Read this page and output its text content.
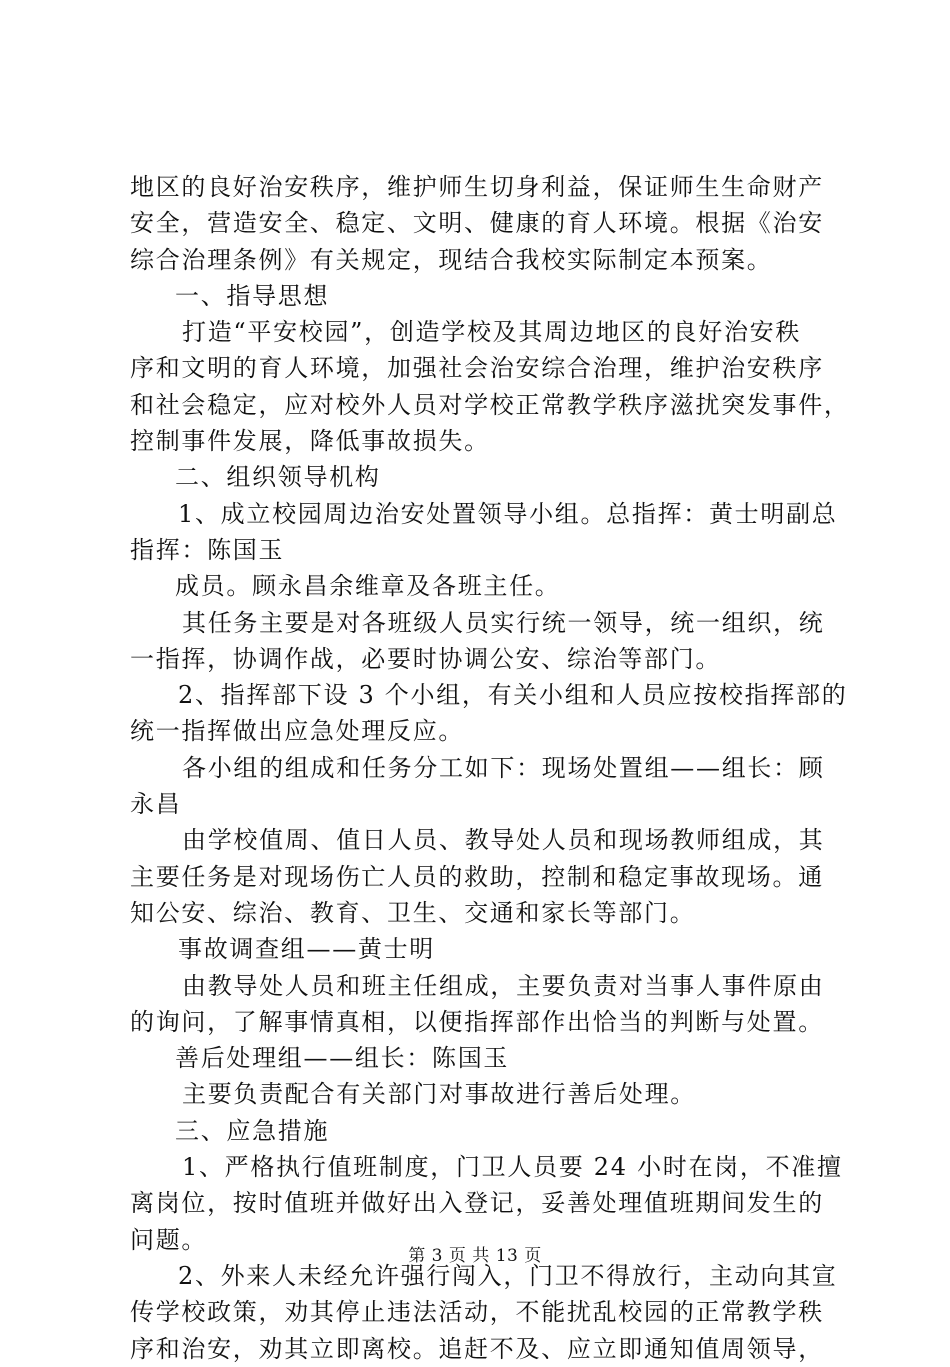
地区的良好治安秩序，维护师生切身利益，保证师生生命财产
安全，营造安全、稳定、文明、健康的育人环境。根据《治安
综合治理条例》有关规定，现结合我校实际制定本预案。
一、指导思想
打造“平安校园”，创造学校及其周边地区的良好治安秩
序和文明的育人环境，加强社会治安综合治理，维护治安秩序
和社会稳定，应对校外人员对学校正常教学秩序滋扰突发事件，
控制事件发展，降低事故损失。
二、组织领导机构
1、成立校园周边治安处置领导小组。总指挥：黄士明副总
指挥：陈国玉
成员。顾永昌余维章及各班主任。
其任务主要是对各班级人员实行统一领导，统一组织，统
一指挥，协调作战，必要时协调公安、综治等部门。
2、指挥部下设 3 个小组，有关小组和人员应按校指挥部的
统一指挥做出应急处理反应。
各小组的组成和任务分工如下：现场处置组——组长：顾
永昌
由学校值周、值日人员、教导处人员和现场教师组成，其
主要任务是对现场伤亡人员的救助，控制和稳定事故现场。通
知公安、综治、教育、卫生、交通和家长等部门。
事故调查组——黄士明
由教导处人员和班主任组成，主要负责对当事人事件原由
的询问，了解事情真相，以便指挥部作出恰当的判断与处置。
善后处理组——组长：陈国玉
主要负责配合有关部门对事故进行善后处理。
三、应急措施
1、严格执行值班制度，门卫人员要 24 小时在岗，不准擅
离岗位，按时值班并做好出入登记，妥善处理值班期间发生的
问题。
2、外来人未经允许强行闯入，门卫不得放行，主动向其宣
传学校政策，劝其停止违法活动，不能扰乱校园的正常教学秩
序和治安，劝其立即离校。追赶不及、应立即通知值周领导，
第 3 页 共 13 页
